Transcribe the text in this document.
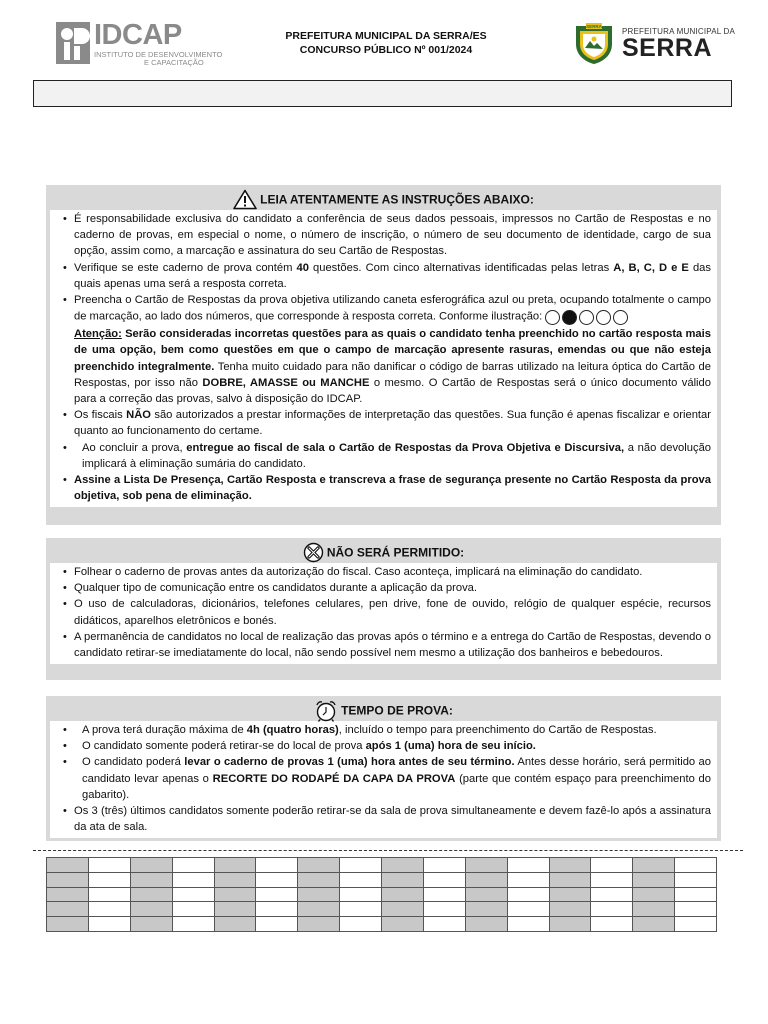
IDCAP
INSTITUTO DE DESENVOLVIMENTO
E CAPACITAÇÃO
PREFEITURA MUNICIPAL DA SERRA/ES
CONCURSO PÚBLICO Nº 001/2024
SERRA
PREFEITURA MUNICIPAL DA
SERRA
LEIA ATENTAMENTE AS INSTRUÇÕES ABAIXO:
• É responsabilidade exclusiva do candidato a conferência de seus dados pessoais, impressos no Cartão de Respostas e no caderno de provas, em especial o nome, o número de inscrição, o número de seu documento de identidade, cargo de sua opção, assim como, a marcação e assinatura do seu Cartão de Respostas.
• Verifique se este caderno de prova contém 40 questões. Com cinco alternativas identificadas pelas letras A, B, C, D e E das quais apenas uma será a resposta correta.
• Preencha o Cartão de Respostas da prova objetiva utilizando caneta esferográfica azul ou preta, ocupando totalmente o campo de marcação, ao lado dos números, que corresponde à resposta correta. Conforme ilustração:
Atenção: Serão consideradas incorretas questões para as quais o candidato tenha preenchido no cartão resposta mais de uma opção, bem como questões em que o campo de marcação apresente rasuras, emendas ou que não esteja preenchido integralmente. Tenha muito cuidado para não danificar o código de barras utilizado na leitura óptica do Cartão de Respostas, por isso não DOBRE, AMASSE ou MANCHE o mesmo. O Cartão de Respostas será o único documento válido para a correção das provas, salvo à disposição do IDCAP.
• Os fiscais NÃO são autorizados a prestar informações de interpretação das questões. Sua função é apenas fiscalizar e orientar quanto ao funcionamento do certame.
• Ao concluir a prova, entregue ao fiscal de sala o Cartão de Respostas da Prova Objetiva e Discursiva, a não devolução implicará à eliminação sumária do candidato.
• Assine a Lista De Presença, Cartão Resposta e transcreva a frase de segurança presente no Cartão Resposta da prova objetiva, sob pena de eliminação.
NÃO SERÁ PERMITIDO:
• Folhear o caderno de provas antes da autorização do fiscal. Caso aconteça, implicará na eliminação do candidato.
• Qualquer tipo de comunicação entre os candidatos durante a aplicação da prova.
• O uso de calculadoras, dicionários, telefones celulares, pen drive, fone de ouvido, relógio de qualquer espécie, recursos didáticos, aparelhos eletrônicos e bonés.
• A permanência de candidatos no local de realização das provas após o término e a entrega do Cartão de Respostas, devendo o candidato retirar-se imediatamente do local, não sendo possível nem mesmo a utilização dos banheiros e bebedouros.
TEMPO DE PROVA:
• A prova terá duração máxima de 4h (quatro horas), incluído o tempo para preenchimento do Cartão de Respostas.
• O candidato somente poderá retirar-se do local de prova após 1 (uma) hora de seu início.
• O candidato poderá levar o caderno de provas 1 (uma) hora antes de seu término. Antes desse horário, será permitido ao candidato levar apenas o RECORTE DO RODAPÉ DA CAPA DA PROVA (parte que contém espaço para preenchimento do gabarito).
• Os 3 (três) últimos candidatos somente poderão retirar-se da sala de prova simultaneamente e devem fazê-lo após a assinatura da ata de sala.
